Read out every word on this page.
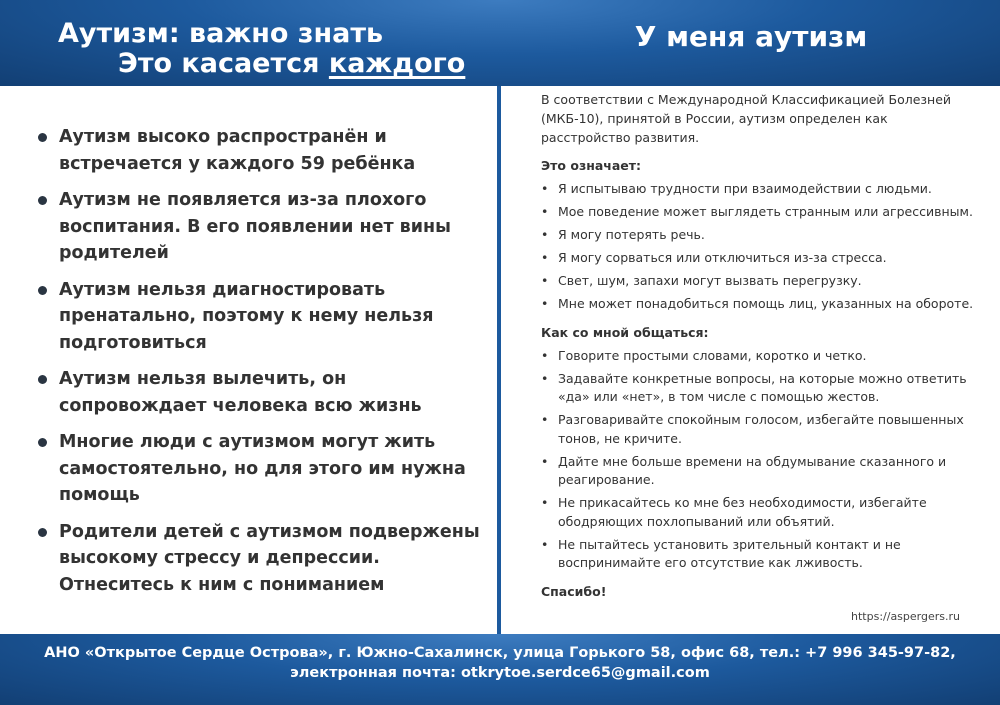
Аутизм: важно знать
Это касается каждого
У меня аутизм
Аутизм высоко распространён и встречается у каждого 59 ребёнка
Аутизм не появляется из-за плохого воспитания. В его появлении нет вины родителей
Аутизм нельзя диагностировать пренатально, поэтому к нему нельзя подготовиться
Аутизм нельзя вылечить, он сопровождает человека всю жизнь
Многие люди с аутизмом могут жить самостоятельно, но для этого им нужна помощь
Родители детей с аутизмом подвержены высокому стрессу и депрессии. Отнеситесь к ним с пониманием

В соответствии с Международной Классификацией Болезней (МКБ-10), принятой в России, аутизм определен как расстройство развития.

Это означает:

• Я испытываю трудности при взаимодействии с людьми.
• Мое поведение может выглядеть странным или агрессивным.
• Я могу потерять речь.
• Я могу сорваться или отключиться из-за стресса.
• Свет, шум, запахи могут вызвать перегрузку.
• Мне может понадобиться помощь лиц, указанных на обороте.

Как со мной общаться:

• Говорите простыми словами, коротко и четко.
• Задавайте конкретные вопросы, на которые можно ответить «да» или «нет», в том числе с помощью жестов.
• Разговаривайте спокойным голосом, избегайте повышенных тонов, не кричите.
• Дайте мне больше времени на обдумывание сказанного и реагирование.
• Не прикасайтесь ко мне без необходимости, избегайте ободряющих похлопываний или объятий.
• Не пытайтесь установить зрительный контакт и не воспринимайте его отсутствие как лживость.

Спасибо!

https://aspergers.ru
АНО «Открытое Сердце Острова», г. Южно-Сахалинск, улица Горького 58, офис 68, тел.: +7 996 345-97-82,
электронная почта: otkrytoe.serdce65@gmail.com
